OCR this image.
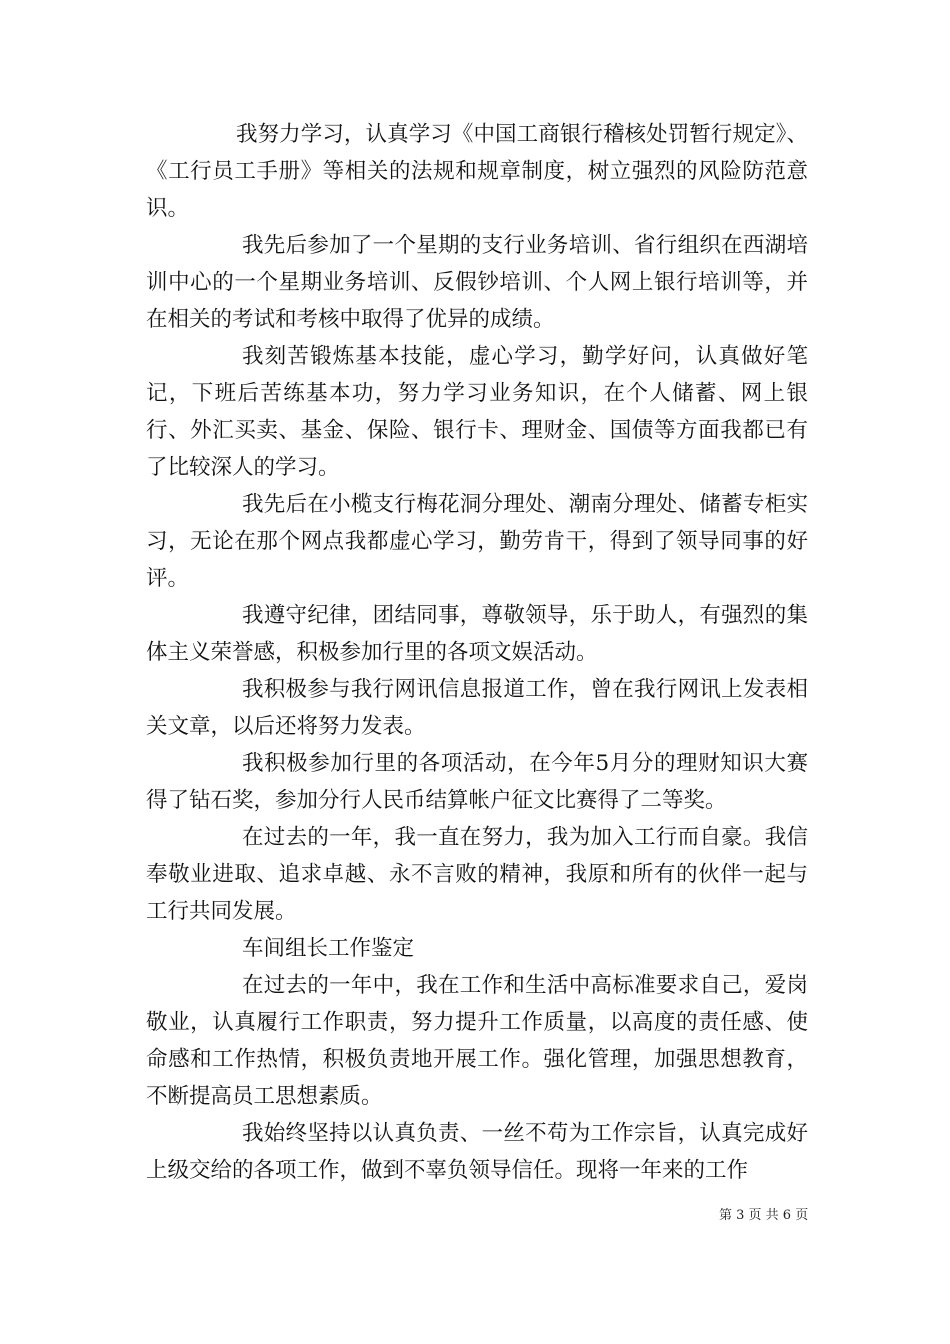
我努力学习，认真学习《中国工商银行稽核处罚暂行规定》、《工行员工手册》等相关的法规和规章制度，树立强烈的风险防范意识。

我先后参加了一个星期的支行业务培训、省行组织在西湖培训中心的一个星期业务培训、反假钞培训、个人网上银行培训等，并在相关的考试和考核中取得了优异的成绩。

我刻苦锻炼基本技能，虚心学习，勤学好问，认真做好笔记，下班后苦练基本功，努力学习业务知识，在个人储蓄、网上银行、外汇买卖、基金、保险、银行卡、理财金、国债等方面我都已有了比较深人的学习。

我先后在小榄支行梅花洞分理处、潮南分理处、储蓄专柜实习，无论在那个网点我都虚心学习，勤劳肯干，得到了领导同事的好评。

我遵守纪律，团结同事，尊敬领导，乐于助人，有强烈的集体主义荣誉感，积极参加行里的各项文娱活动。

我积极参与我行网讯信息报道工作，曾在我行网讯上发表相关文章，以后还将努力发表。

我积极参加行里的各项活动，在今年5月分的理财知识大赛得了钻石奖，参加分行人民币结算帐户征文比赛得了二等奖。

在过去的一年，我一直在努力，我为加入工行而自豪。我信奉敬业进取、追求卓越、永不言败的精神，我原和所有的伙伴一起与工行共同发展。

车间组长工作鉴定

在过去的一年中，我在工作和生活中高标准要求自己，爱岗敬业，认真履行工作职责，努力提升工作质量，以高度的责任感、使命感和工作热情，积极负责地开展工作。强化管理，加强思想教育，不断提高员工思想素质。

我始终坚持以认真负责、一丝不苟为工作宗旨，认真完成好上级交给的各项工作，做到不辜负领导信任。现将一年来的工作

第 3 页 共 6 页
